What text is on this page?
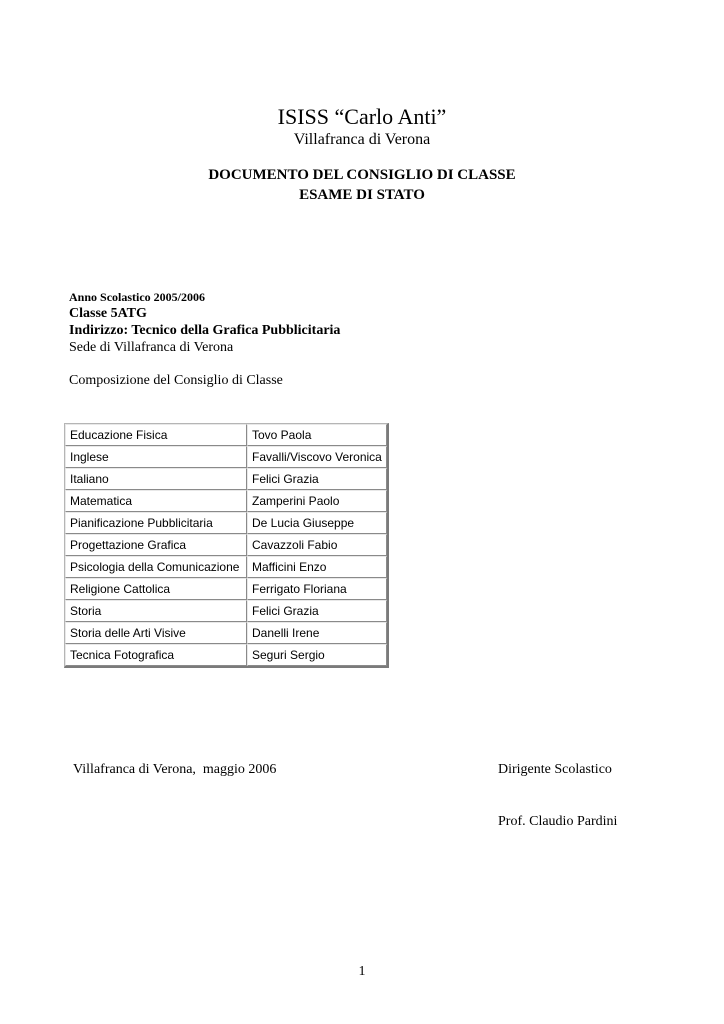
ISISS “Carlo Anti”
Villafranca di Verona
DOCUMENTO DEL CONSIGLIO DI CLASSE
ESAME DI STATO
Anno Scolastico 2005/2006
Classe 5ATG
Indirizzo: Tecnico della Grafica Pubblicitaria
Sede di Villafranca di Verona
Composizione del Consiglio di Classe
Educazione Fisica	Tovo Paola
Inglese	Favalli/Viscovo Veronica
Italiano	Felici Grazia
Matematica	Zamperini Paolo
Pianificazione Pubblicitaria	De Lucia Giuseppe
Progettazione Grafica	Cavazzoli Fabio
Psicologia della Comunicazione	Mafficini Enzo
Religione Cattolica	Ferrigato Floriana
Storia	Felici Grazia
Storia delle Arti Visive	Danelli Irene
Tecnica Fotografica	Seguri Sergio
Villafranca di Verona,  maggio 2006	Dirigente Scolastico
Prof. Claudio Pardini
1
